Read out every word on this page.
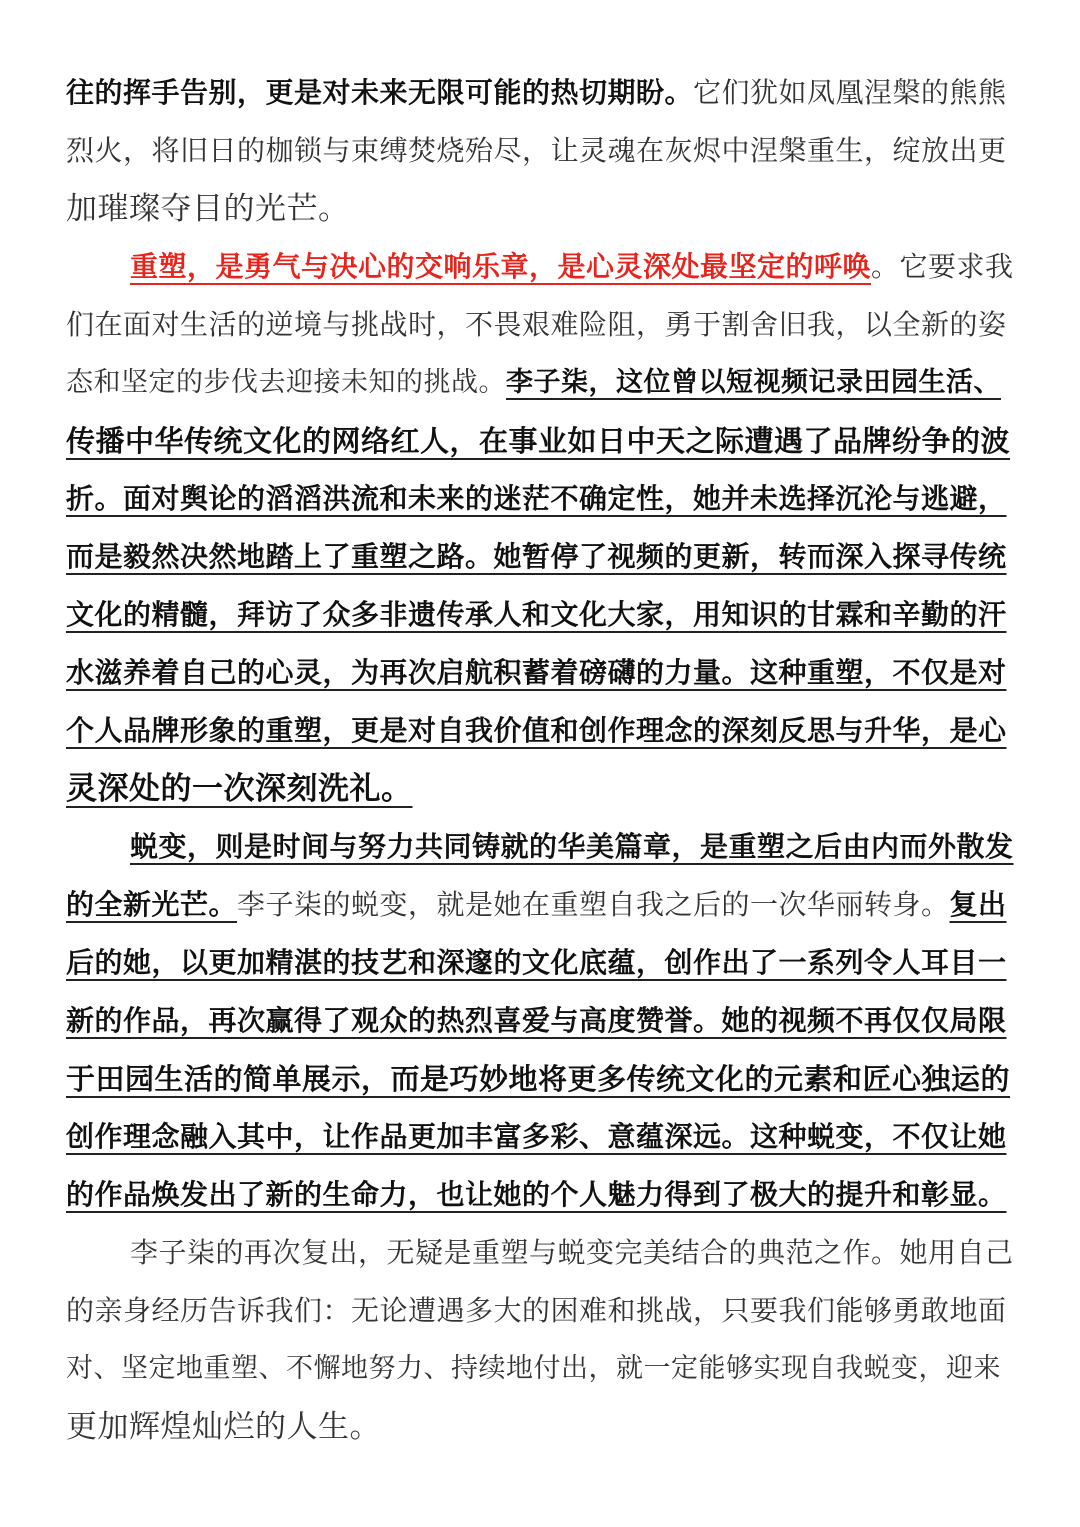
往的挥手告别，更是对未来无限可能的热切期盼。它们犹如凤凰涅槃的熊熊
烈火，将旧日的枷锁与束缚焚烧殆尽，让灵魂在灰烬中涅槃重生，绽放出更
加璀璨夺目的光芒。
重塑，是勇气与决心的交响乐章，是心灵深处最坚定的呼唤。它要求我
们在面对生活的逆境与挑战时，不畏艰难险阻，勇于割舍旧我，以全新的姿
态和坚定的步伐去迎接未知的挑战。李子柒，这位曾以短视频记录田园生活、
传播中华传统文化的网络红人，在事业如日中天之际遭遇了品牌纷争的波
折。面对舆论的滔滔洪流和未来的迷茫不确定性，她并未选择沉沦与逃避，
而是毅然决然地踏上了重塑之路。她暂停了视频的更新，转而深入探寻传统
文化的精髓，拜访了众多非遗传承人和文化大家，用知识的甘霖和辛勤的汗
水滋养着自己的心灵，为再次启航积蓄着磅礴的力量。这种重塑，不仅是对
个人品牌形象的重塑，更是对自我价值和创作理念的深刻反思与升华，是心
灵深处的一次深刻洗礼。
蜕变，则是时间与努力共同铸就的华美篇章，是重塑之后由内而外散发
的全新光芒。李子柒的蜕变，就是她在重塑自我之后的一次华丽转身。复出
后的她，以更加精湛的技艺和深邃的文化底蕴，创作出了一系列令人耳目一
新的作品，再次赢得了观众的热烈喜爱与高度赞誉。她的视频不再仅仅局限
于田园生活的简单展示，而是巧妙地将更多传统文化的元素和匠心独运的
创作理念融入其中，让作品更加丰富多彩、意蕴深远。这种蜕变，不仅让她
的作品焕发出了新的生命力，也让她的个人魅力得到了极大的提升和彰显。
李子柒的再次复出，无疑是重塑与蜕变完美结合的典范之作。她用自己
的亲身经历告诉我们：无论遭遇多大的困难和挑战，只要我们能够勇敢地面
对、坚定地重塑、不懈地努力、持续地付出，就一定能够实现自我蜕变，迎来
更加辉煌灿烂的人生。
